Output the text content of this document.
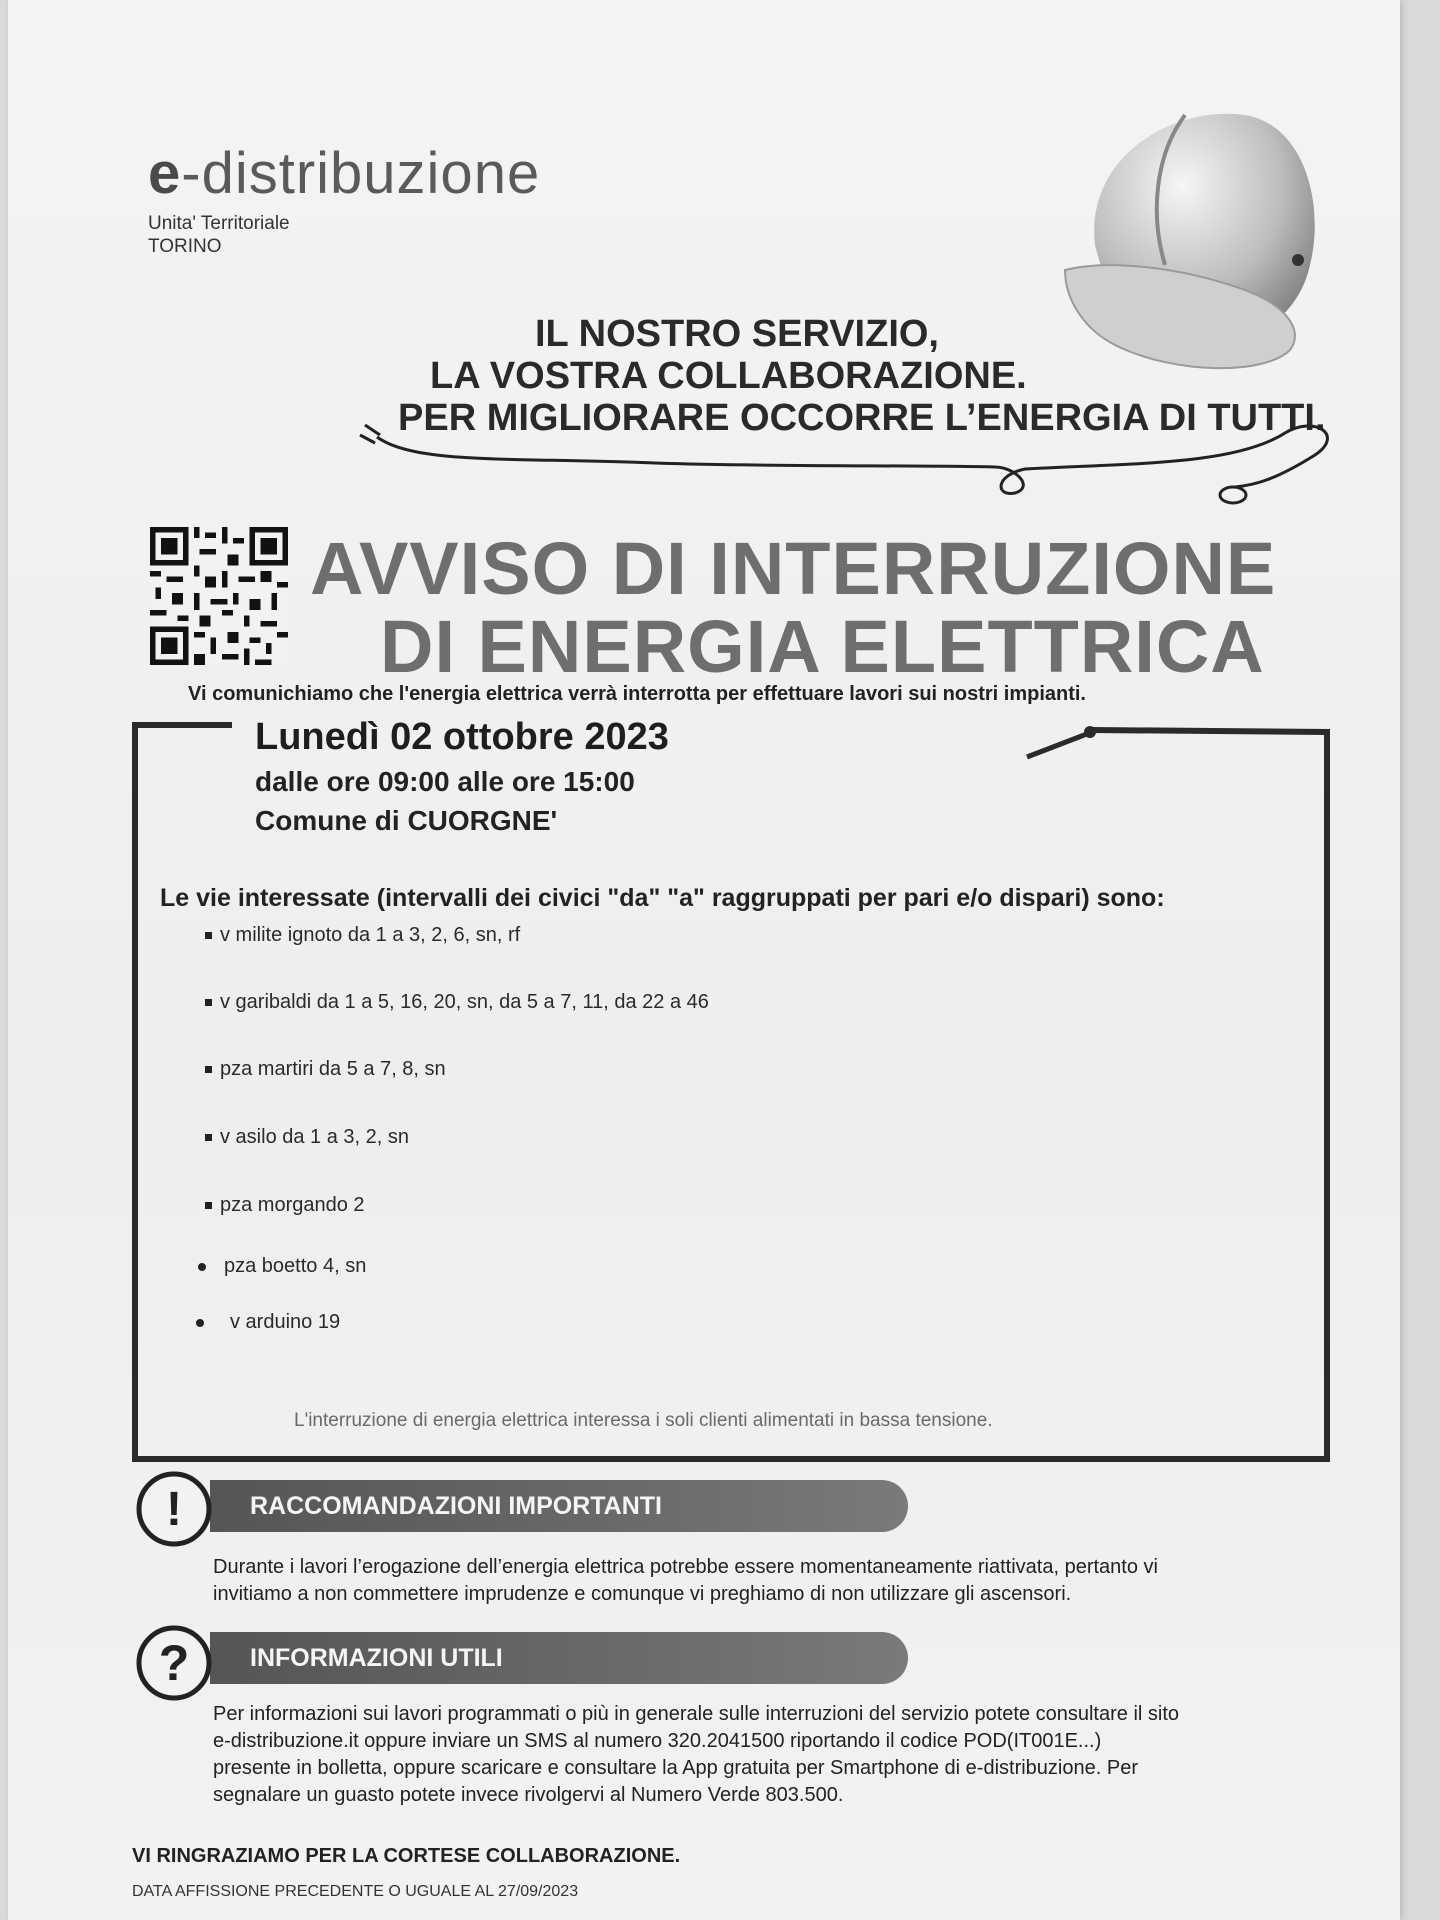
e-distribuzione
Unita' Territoriale
TORINO
IL NOSTRO SERVIZIO,
LA VOSTRA COLLABORAZIONE.
PER MIGLIORARE OCCORRE L’ENERGIA DI TUTTI.
AVVISO DI INTERRUZIONE
DI ENERGIA ELETTRICA
Vi comunichiamo che l'energia elettrica verrà interrotta per effettuare lavori sui nostri impianti.
Lunedì 02 ottobre 2023
dalle ore 09:00 alle ore 15:00
Comune di CUORGNE'
Le vie interessate (intervalli dei civici "da" "a" raggruppati per pari e/o dispari) sono:
v milite ignoto da 1 a 3, 2, 6, sn, rf
v garibaldi da 1 a 5, 16, 20, sn, da 5 a 7, 11, da 22 a 46
pza martiri da 5 a 7, 8, sn
v asilo da 1 a 3, 2, sn
pza morgando 2
pza boetto 4, sn
v arduino 19
L'interruzione di energia elettrica interessa i soli clienti alimentati in bassa tensione.
RACCOMANDAZIONI IMPORTANTI
!
Durante i lavori l’erogazione dell’energia elettrica potrebbe essere momentaneamente riattivata, pertanto vi
invitiamo a non commettere imprudenze e comunque vi preghiamo di non utilizzare gli ascensori.
INFORMAZIONI UTILI
?
Per informazioni sui lavori programmati o più in generale sulle interruzioni del servizio potete consultare il sito
e-distribuzione.it oppure inviare un SMS al numero 320.2041500 riportando il codice POD(IT001E...)
presente in bolletta, oppure scaricare e consultare la App gratuita per Smartphone di e-distribuzione. Per
segnalare un guasto potete invece rivolgervi al Numero Verde 803.500.
VI RINGRAZIAMO PER LA CORTESE COLLABORAZIONE.
DATA AFFISSIONE PRECEDENTE O UGUALE AL 27/09/2023
